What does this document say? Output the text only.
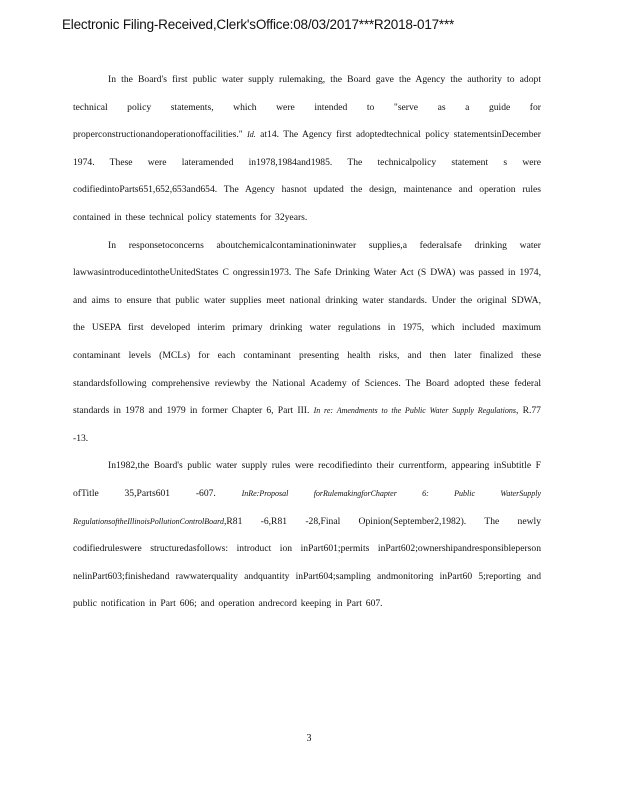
Electronic Filing-Received,Clerk'sOffice:08/03/2017***R2018-017***

In the Board's first public water supply rulemaking, the Board gave the Agency the authority to adopt technical policy statements, which were intended to "serve as a guide for properconstructionandoperationoffacilities." Id. at14. The Agency first adoptedtechnical policy statementsinDecember 1974. These were lateramended in1978,1984and1985. The technicalpolicy statement s were codifiedintoParts651,652,653and654. The Agency hasnot updated the design, maintenance and operation rules contained in these technical policy statements for 32years.

In responsetoconcerns aboutchemicalcontaminationinwater supplies,a federalsafe drinking water lawwasintroducedintotheUnitedStates C ongressin1973. The Safe Drinking Water Act (S DWA) was passed in 1974, and aims to ensure that public water supplies meet national drinking water standards. Under the original SDWA, the USEPA first developed interim primary drinking water regulations in 1975, which included maximum contaminant levels (MCLs) for each contaminant presenting health risks, and then later finalized these standardsfollowing comprehensive reviewby the National Academy of Sciences. The Board adopted these federal standards in 1978 and 1979 in former Chapter 6, Part III. In re: Amendments to the Public Water Supply Regulations, R.77 -13.

In1982,the Board's public water supply rules were recodifiedinto their currentform, appearing inSubtitle F ofTitle 35,Parts601 -607.	InRe:Proposal forRulemakingforChapter 6: Public WaterSupply RegulationsoftheIllinoisPollutionControlBoard,R81 -6,R81 -28,Final Opinion(September2,1982). The newly codifiedruleswere structuredasfollows: introduct ion inPart601;permits inPart602;ownershipandresponsibleperson nelinPart603;finishedand rawwaterquality andquantity inPart604;sampling andmonitoring inPart60 5;reporting and public notification in Part 606; and operation andrecord keeping in Part 607.

3
